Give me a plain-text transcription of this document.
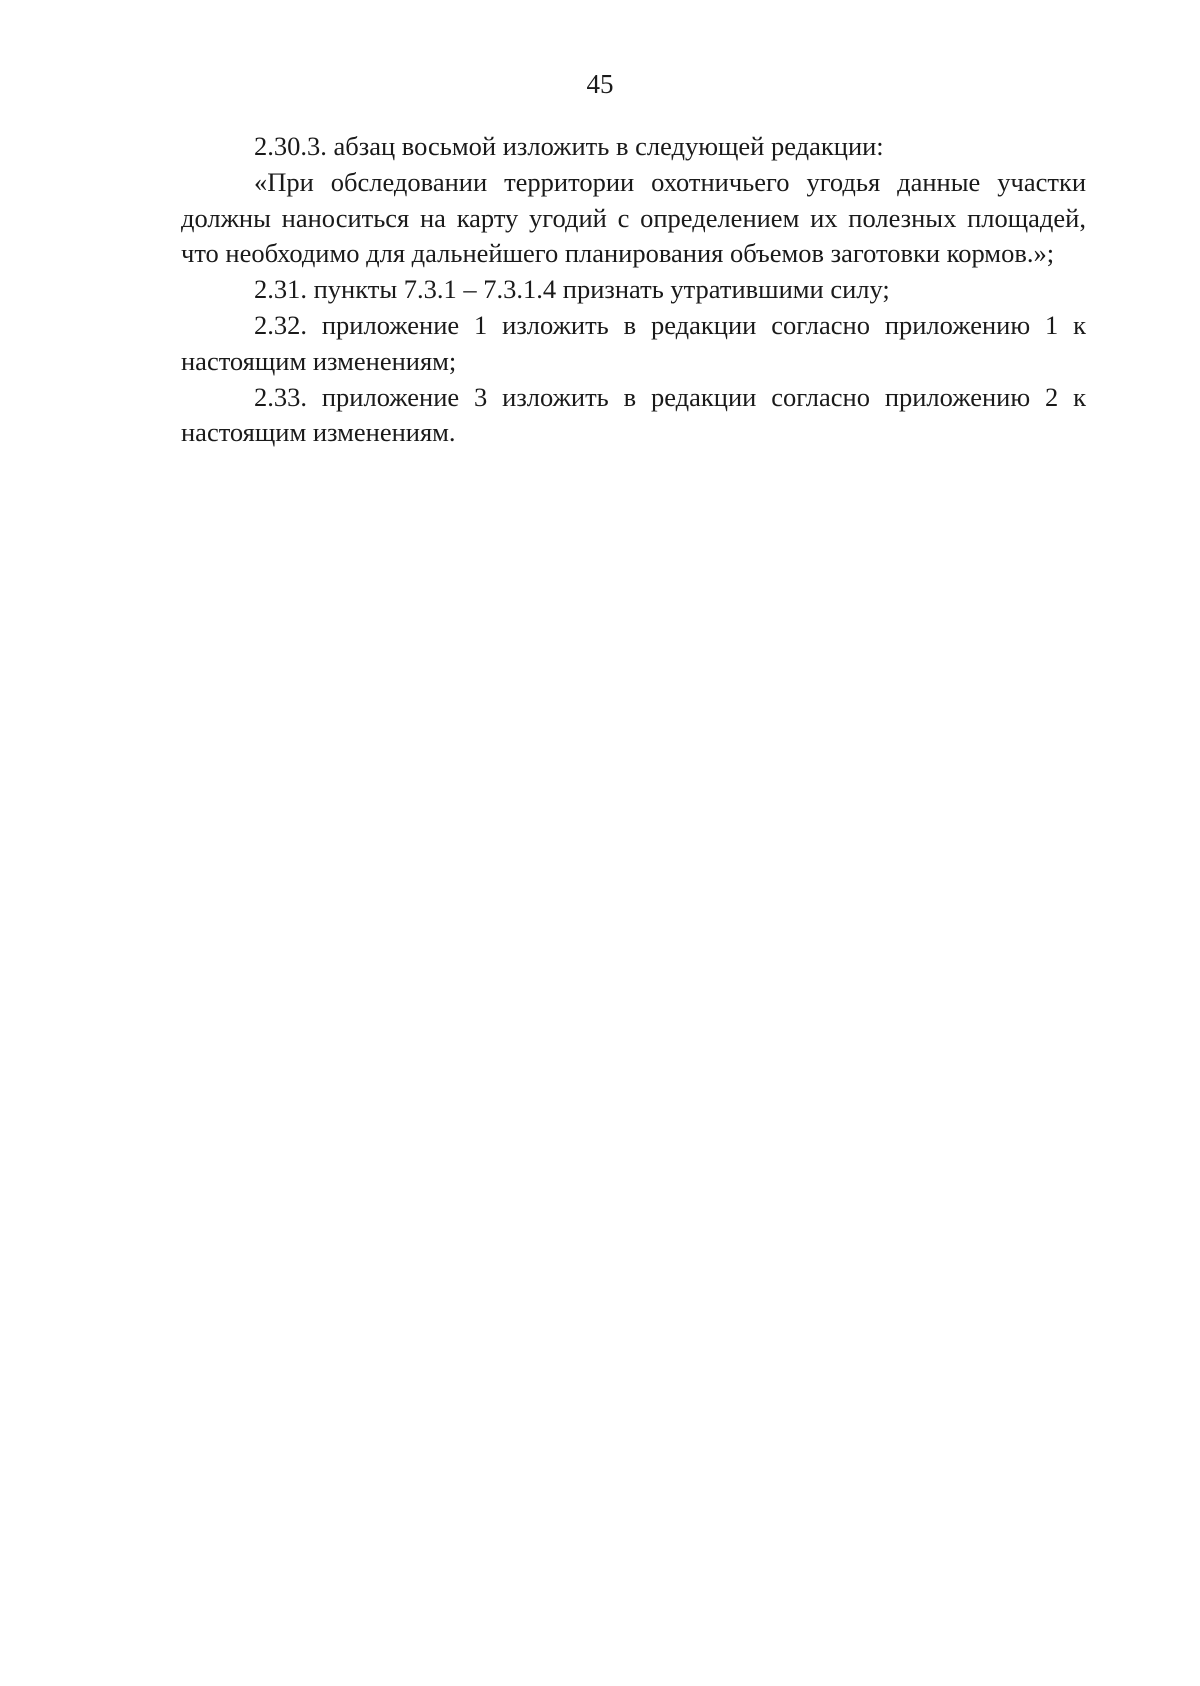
45

2.30.3. абзац восьмой изложить в следующей редакции:

«При обследовании территории охотничьего угодья данные участки должны наноситься на карту угодий с определением их полезных площадей, что необходимо для дальнейшего планирования объемов заготовки кормов.»;

2.31. пункты 7.3.1 – 7.3.1.4 признать утратившими силу;

2.32. приложение 1 изложить в редакции согласно приложению 1 к настоящим изменениям;

2.33. приложение 3 изложить в редакции согласно приложению 2 к настоящим изменениям.
